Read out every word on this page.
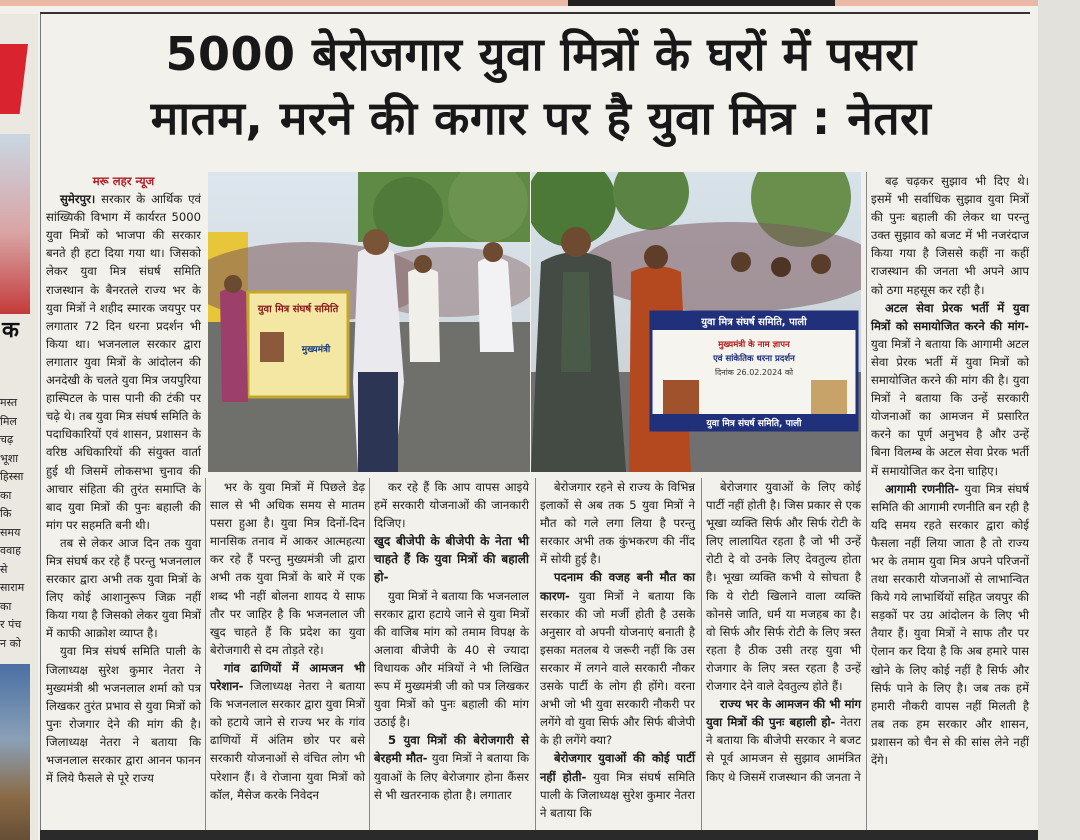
क
मस्त
मिल
चढ़
भूशा
हिस्सा
का
कि
समय
ववाह
से
साराम
का
र पंच
न को
5000 बेरोजगार युवा मित्रों के घरों में पसरा
मातम, मरने की कगार पर है युवा मित्र : नेतरा

मरू लहर न्यूज

सुमेरपुर। सरकार के आर्थिक एवं सांख्यिकी विभाग में कार्यरत 5000 युवा मित्रों को भाजपा की सरकार बनते ही हटा दिया गया था। जिसको लेकर युवा मित्र संघर्ष समिति राजस्थान के बैनरतले राज्य भर के युवा मित्रों ने शहीद स्मारक जयपुर पर लगातार 72 दिन धरना प्रदर्शन भी किया था। भजनलाल सरकार द्वारा लगातार युवा मित्रों के आंदोलन की अनदेखी के चलते युवा मित्र जयपुरिया हास्पिटल के पास पानी की टंकी पर चढ़े थे। तब युवा मित्र संघर्ष समिति के पदाधिकारियों एवं शासन, प्रशासन के वरिष्ठ अधिकारियों की संयुक्त वार्ता हुई थी जिसमें लोकसभा चुनाव की आचार संहिता की तुरंत समाप्ति के बाद युवा मित्रों की पुनः बहाली की मांग पर सहमति बनी थी।

तब से लेकर आज दिन तक युवा मित्र संघर्ष कर रहे हैं परन्तु भजनलाल सरकार द्वारा अभी तक युवा मित्रों के लिए कोई आशानुरूप जिक्र नहीं किया गया है जिसको लेकर युवा मित्रों में काफी आक्रोश व्याप्त है।

युवा मित्र संघर्ष समिति पाली के जिलाध्यक्ष सुरेश कुमार नेतरा ने मुख्यमंत्री श्री भजनलाल शर्मा को पत्र लिखकर तुरंत प्रभाव से युवा मित्रों को पुनः रोजगार देने की मांग की है। जिलाध्यक्ष नेतरा ने बताया कि भजनलाल सरकार द्वारा आनन फानन में लिये फैसले से पूरे राज्य

युवा मित्र संघर्ष समिति
मुख्यमंत्री
युवा मित्र संघर्ष समिति, पाली
मुख्यमंत्री के नाम ज्ञापन
एवं सांकेतिक धरना प्रदर्शन
दिनांक 26.02.2024 को
युवा मित्र संघर्ष समिति, पाली

भर के युवा मित्रों में पिछले डेढ़ साल से भी अधिक समय से मातम पसरा हुआ है। युवा मित्र दिनों-दिन मानसिक तनाव में आकर आत्महत्या कर रहे हैं परन्तु मुख्यमंत्री जी द्वारा अभी तक युवा मित्रों के बारे में एक शब्द भी नहीं बोलना शायद ये साफ तौर पर जाहिर है कि भजनलाल जी खुद चाहते हैं कि प्रदेश का युवा बेरोजगारी से दम तोड़ते रहे।

गांव ढाणियों में आमजन भी परेशान- जिलाध्यक्ष नेतरा ने बताया कि भजनलाल सरकार द्वारा युवा मित्रों को हटाये जाने से राज्य भर के गांव ढाणियों में अंतिम छोर पर बसे सरकारी योजनाओं से वंचित लोग भी परेशान हैं। वे रोजाना युवा मित्रों को कॉल, मैसेज करके निवेदन

कर रहे हैं कि आप वापस आइये हमें सरकारी योजनाओं की जानकारी दिजिए।

खुद बीजेपी के बीजेपी के नेता भी चाहते हैं कि युवा मित्रों की बहाली हो-

युवा मित्रों ने बताया कि भजनलाल सरकार द्वारा हटाये जाने से युवा मित्रों की वाजिब मांग को तमाम विपक्ष के अलावा बीजेपी के 40 से ज्यादा विधायक और मंत्रियों ने भी लिखित रूप में मुख्यमंत्री जी को पत्र लिखकर युवा मित्रों को पुनः बहाली की मांग उठाई है।

5 युवा मित्रों की बेरोजगारी से बेरहमी मौत- युवा मित्रों ने बताया कि युवाओं के लिए बेरोजगार होना कैंसर से भी खतरनाक होता है। लगातार

बेरोजगार रहने से राज्य के विभिन्न इलाकों से अब तक 5 युवा मित्रों ने मौत को गले लगा लिया है परन्तु सरकार अभी तक कुंभकरण की नींद में सोयी हुई है।

पदनाम की वजह बनी मौत का कारण- युवा मित्रों ने बताया कि सरकार की जो मर्जी होती है उसके अनुसार वो अपनी योजनाएं बनाती है इसका मतलब ये जरूरी नहीं कि उस सरकार में लगने वाले सरकारी नौकर उसके पार्टी के लोग ही होंगे। वरना अभी जो भी युवा सरकारी नौकरी पर लगेंगे वो युवा सिर्फ और सिर्फ बीजेपी के ही लगेंगे क्या?

बेरोजगार युवाओं की कोई पार्टी नहीं होती- युवा मित्र संघर्ष समिति पाली के जिलाध्यक्ष सुरेश कुमार नेतरा ने बताया कि

बेरोजगार युवाओं के लिए कोई पार्टी नहीं होती है। जिस प्रकार से एक भूखा व्यक्ति सिर्फ और सिर्फ रोटी के लिए लालायित रहता है जो भी उन्हें रोटी दे वो उनके लिए देवतुल्य होता है। भूखा व्यक्ति कभी ये सोचता है कि ये रोटी खिलाने वाला व्यक्ति कोनसे जाति, धर्म या मजहब का है। वो सिर्फ और सिर्फ रोटी के लिए त्रस्त रहता है ठीक उसी तरह युवा भी रोजगार के लिए त्रस्त रहता है उन्हें रोजगार देने वाले देवतुल्य होते हैं।

राज्य भर के आमजन की भी मांग युवा मित्रों की पुनः बहाली हो- नेतरा ने बताया कि बीजेपी सरकार ने बजट से पूर्व आमजन से सुझाव आमंत्रित किए थे जिसमें राजस्थान की जनता ने

बढ़ चढ़कर सुझाव भी दिए थे। इसमें भी सर्वाधिक सुझाव युवा मित्रों की पुनः बहाली की लेकर था परन्तु उक्त सुझाव को बजट में भी नजरंदाज किया गया है जिससे कहीं ना कहीं राजस्थान की जनता भी अपने आप को ठगा महसूस कर रही है।

अटल सेवा प्रेरक भर्ती में युवा मित्रों को समायोजित करने की मांग- युवा मित्रों ने बताया कि आगामी अटल सेवा प्रेरक भर्ती में युवा मित्रों को समायोजित करने की मांग की है। युवा मित्रों ने बताया कि उन्हें सरकारी योजनाओं का आमजन में प्रसारित करने का पूर्ण अनुभव है और उन्हें बिना विलम्ब के अटल सेवा प्रेरक भर्ती में समायोजित कर देना चाहिए।

आगामी रणनीति- युवा मित्र संघर्ष समिति की आगामी रणनीति बन रही है यदि समय रहते सरकार द्वारा कोई फैसला नहीं लिया जाता है तो राज्य भर के तमाम युवा मित्र अपने परिजनों तथा सरकारी योजनाओं से लाभान्वित किये गये लाभार्थियों सहित जयपुर की सड़कों पर उग्र आंदोलन के लिए भी तैयार हैं। युवा मित्रों ने साफ तौर पर ऐलान कर दिया है कि अब हमारे पास खोने के लिए कोई नहीं है सिर्फ और सिर्फ पाने के लिए है। जब तक हमें हमारी नौकरी वापस नहीं मिलती है तब तक हम सरकार और शासन, प्रशासन को चैन से की सांस लेने नहीं देंगे।
